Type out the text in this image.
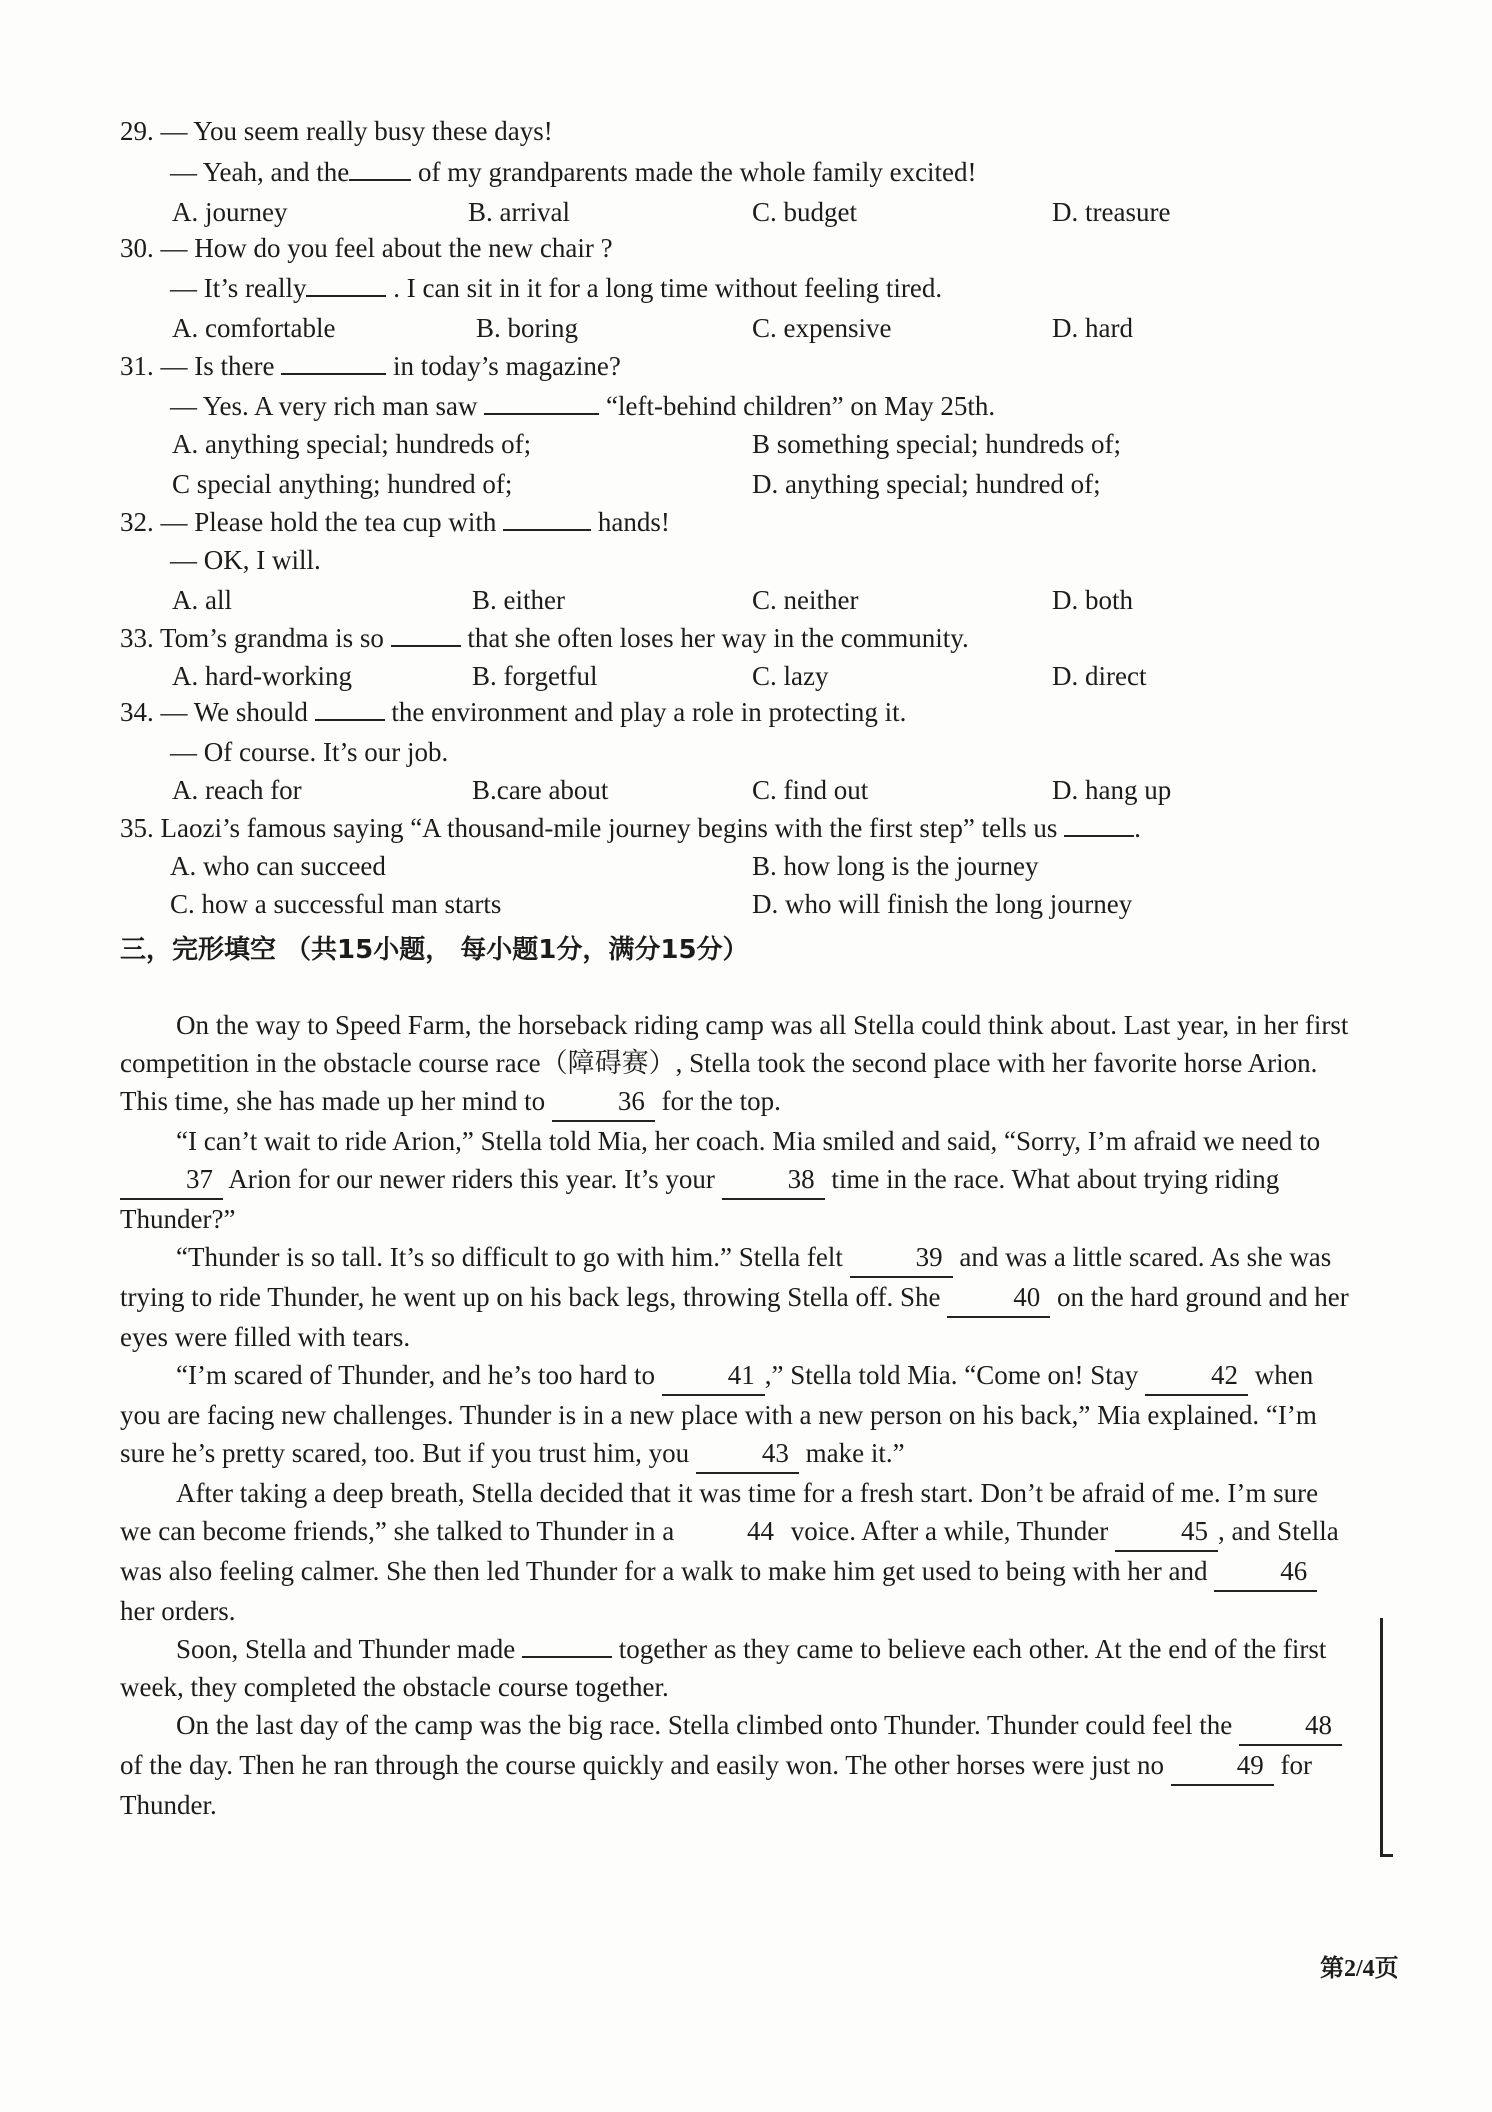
29. — You seem really busy these days!
— Yeah, and the	of my grandparents made the whole family excited!
A. journey	B. arrival	C. budget	D. treasure
30. — How do you feel about the new chair ?
— It’s really	. I can sit in it for a long time without feeling tired.
A. comfortable	B. boring	C. expensive	D. hard
31. — Is there	in today’s magazine?
— Yes. A very rich man saw	“left-behind children” on May 25th.
A. anything special; hundreds of;	B something special; hundreds of;
C special anything; hundred of;	D. anything special; hundred of;
32. — Please hold the tea cup with	hands!
— OK, I will.
A. all	B. either	C. neither	D. both
33. Tom’s grandma is so	that she often loses her way in the community.
A. hard-working	B. forgetful	C. lazy	D. direct
34. — We should	the environment and play a role in protecting it.
— Of course. It’s our job.
A. reach for	B.care about	C. find out	D. hang up
35. Laozi’s famous saying “A thousand-mile journey begins with the first step” tells us	.
A. who can succeed	B. how long is the journey
C. how a successful man starts	D. who will finish the long journey
三，完形填空 （共15小题， 每小题1分，满分15分）

On the way to Speed Farm, the horseback riding camp was all Stella could think about. Last year, in her first competition in the obstacle course race（障碍赛）, Stella took the second place with her favorite horse Arion. This time, she has made up her mind to	36 for the top.

“I can’t wait to ride Arion,” Stella told Mia, her coach. Mia smiled and said, “Sorry, I’m afraid we need to 37 Arion for our newer riders this year. It’s your	38 time in the race. What about trying riding Thunder?”

“Thunder is so tall. It’s so difficult to go with him.” Stella felt	39 and was a little scared. As she was trying to ride Thunder, he went up on his back legs, throwing Stella off. She	40 on the hard ground and her eyes were filled with tears.

“I’m scared of Thunder, and he’s too hard to	41 ,” Stella told Mia. “Come on! Stay	42 when you are facing new challenges. Thunder is in a new place with a new person on his back,” Mia explained. “I’m sure he’s pretty scared, too. But if you trust him, you	43 make it.”

After taking a deep breath, Stella decided that it was time for a fresh start. Don’t be afraid of me. I’m sure we can become friends,” she talked to Thunder in a	44 voice. After a while, Thunder	45 , and Stella was also feeling calmer. She then led Thunder for a walk to make him get used to being with her and	46 her orders.

Soon, Stella and Thunder made	together as they came to believe each other. At the end of the first week, they completed the obstacle course together.

On the last day of the camp was the big race. Stella climbed onto Thunder. Thunder could feel the	48 of the day. Then he ran through the course quickly and easily won. The other horses were just no	49 for Thunder.

第2/4页
